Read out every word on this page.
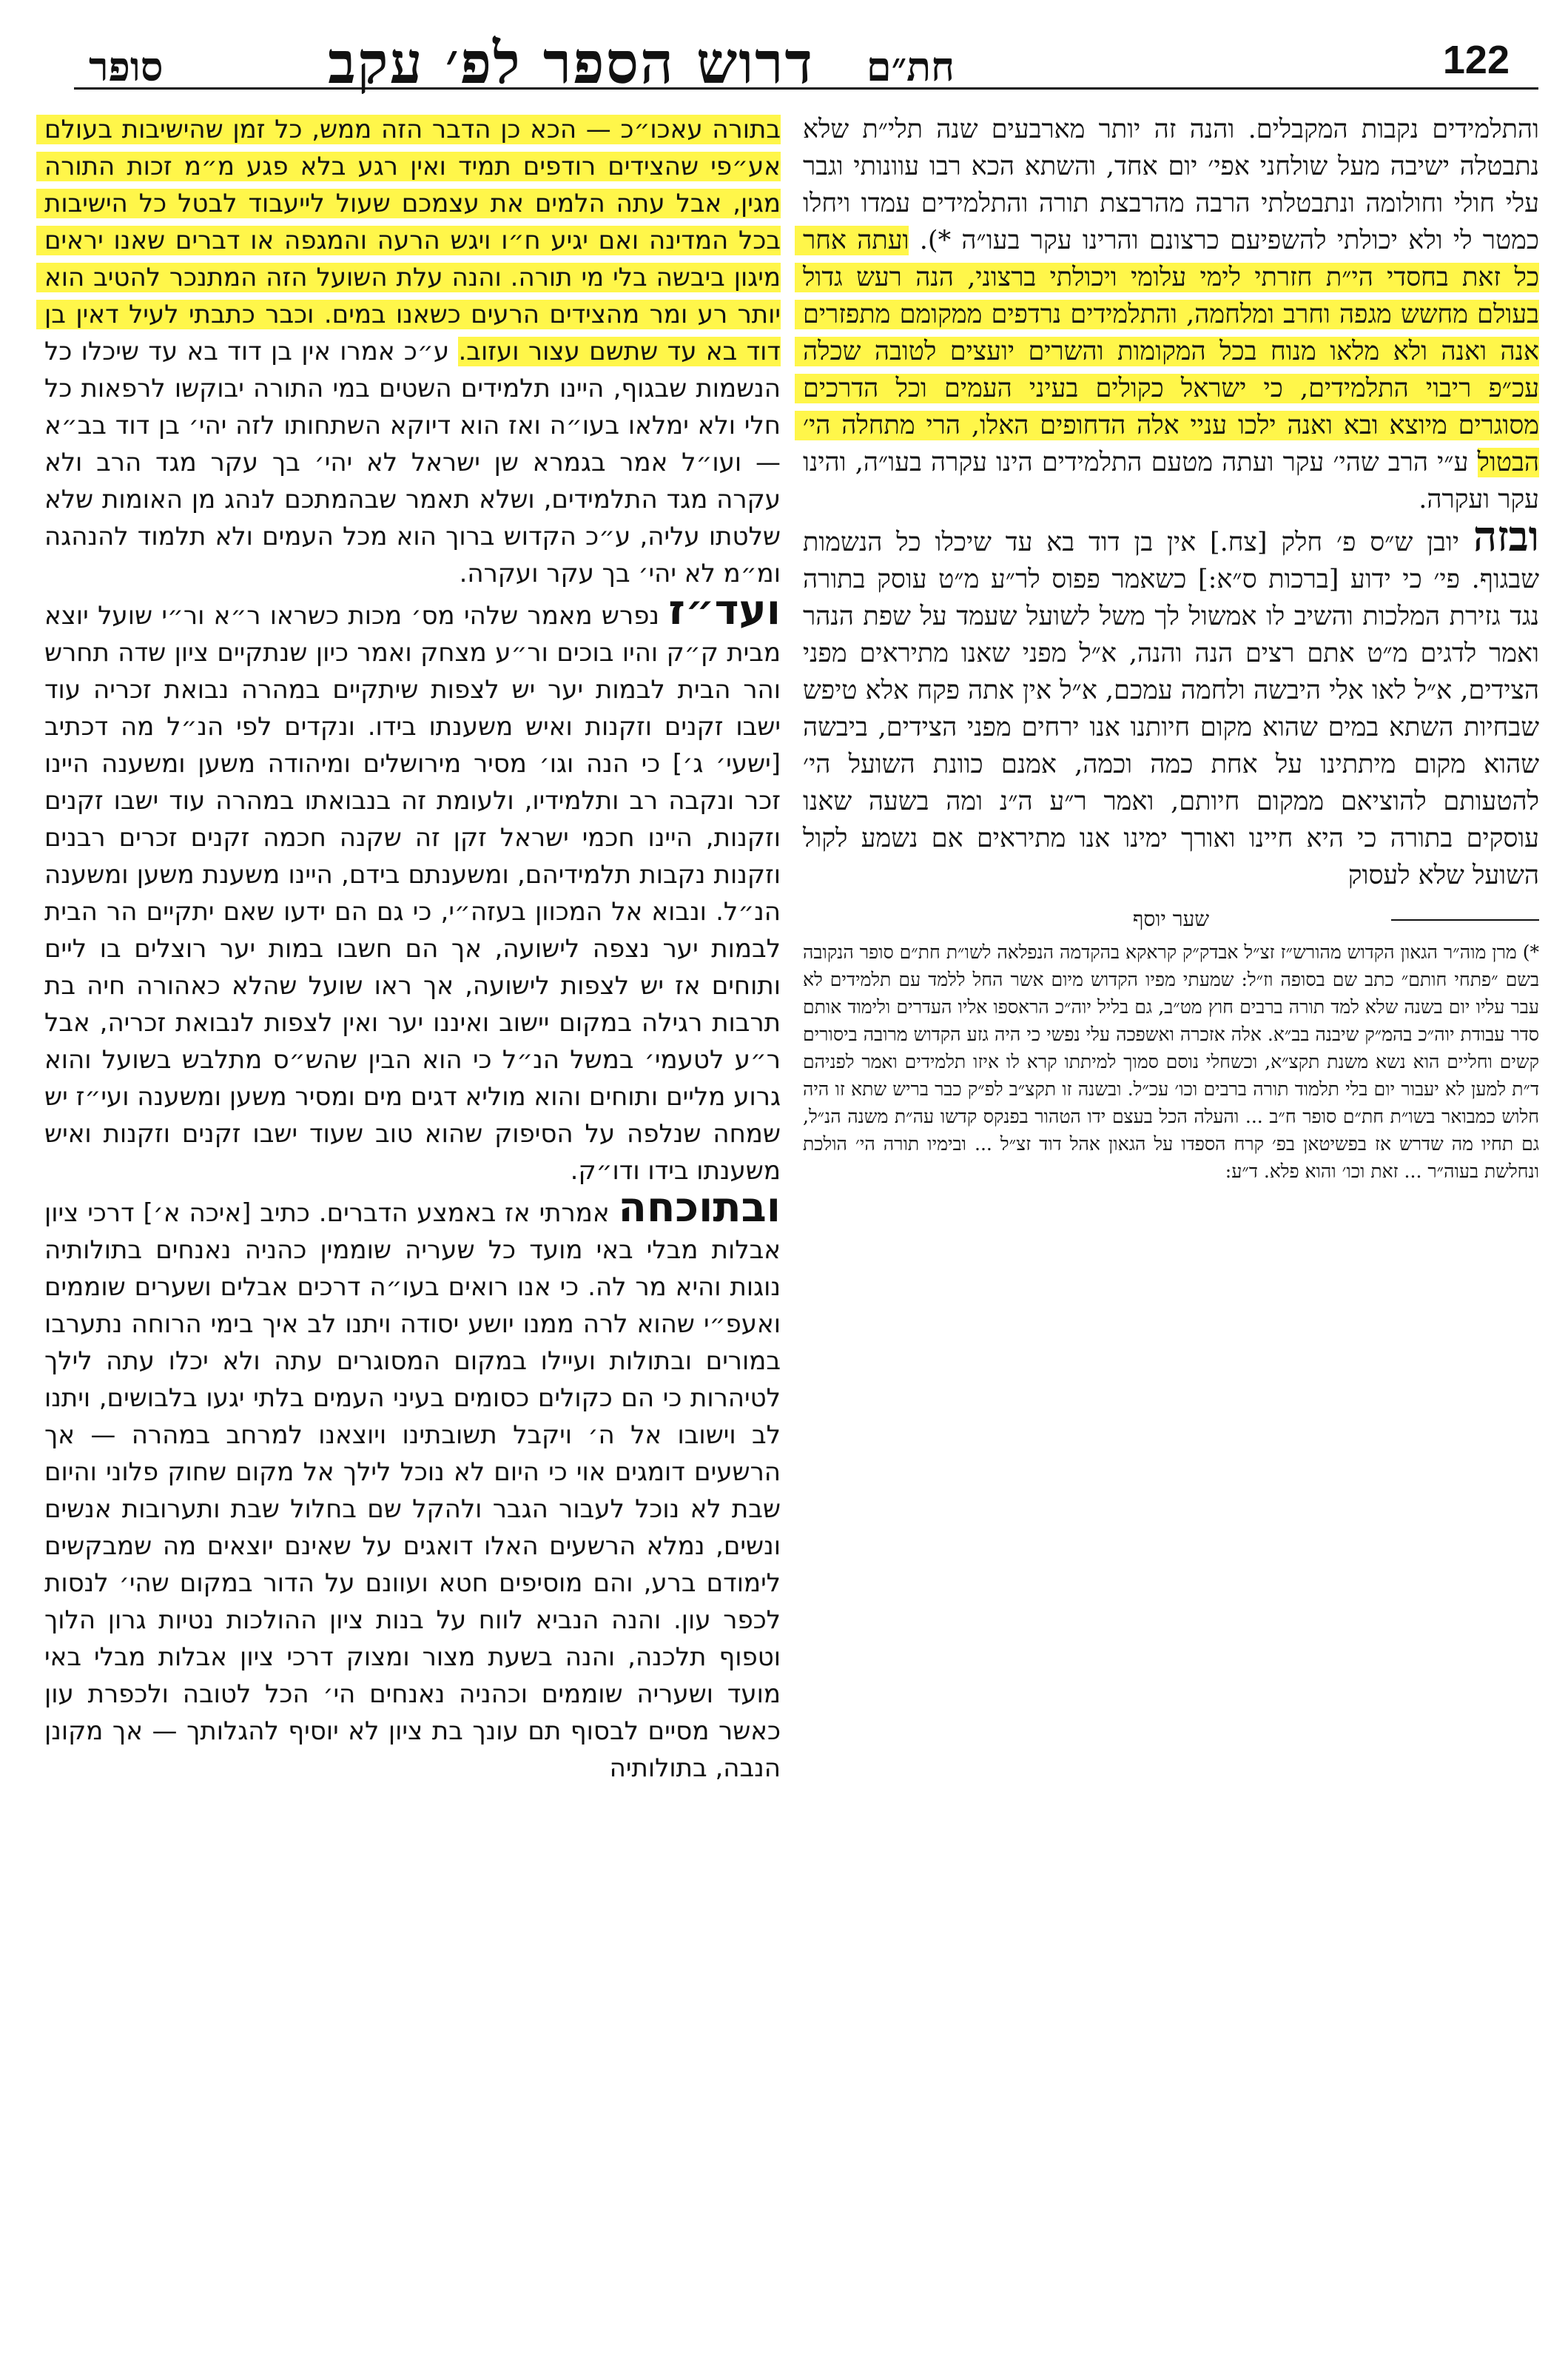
122
חת״ם
דרוש הספר לפ׳ עקב
סופר

והתלמידים נקבות המקבלים. והנה זה יותר מארבעים שנה תלי״ת שלא נתבטלה ישיבה מעל שולחני אפי׳ יום אחד, והשתא הכא רבו עוונותי וגבר עלי חולי וחולומה ונתבטלתי הרבה מהרבצת תורה והתלמידים עמדו ויחלו כמטר לי ולא יכולתי להשפיעם כרצונם והרינו עקר בעו״ה *). ועתה אחר כל זאת בחסדי הי״ת חזרתי לימי עלומי ויכולתי ברצוני, הנה רעש גדול בעולם מחשש מגפה וחרב ומלחמה, והתלמידים נרדפים ממקומם מתפזרים אנה ואנה ולא מלאו מנוח בכל המקומות והשרים יועצים לטובה שכלה עכ״פ ריבוי התלמידים, כי ישראל כקולים בעיני העמים וכל הדרכים מסוגרים מיוצא ובא ואנה ילכו עניי אלה הדחופים האלו, הרי מתחלה הי׳ הבטול ע״י הרב שהי׳ עקר ועתה מטעם התלמידים הינו עקרה בעו״ה, והינו עקר ועקרה.

ובזה יובן ש״ס פ׳ חלק [צח.] אין בן דוד בא עד שיכלו כל הנשמות שבגוף. פי׳ כי ידוע [ברכות ס״א:] כשאמר פפוס לר״ע מ״ט עוסק בתורה נגד גזירת המלכות והשיב לו אמשול לך משל לשועל שעמד על שפת הנהר ואמר לדגים מ״ט אתם רצים הנה והנה, א״ל מפני שאנו מתיראים מפני הצידים, א״ל לאו אלי היבשה ולחמה עמכם, א״ל אין אתה פקח אלא טיפש שבחיות השתא במים שהוא מקום חיותנו אנו ירחים מפני הצידים, ביבשה שהוא מקום מיתתינו על אחת כמה וכמה, אמנם כוונת השועל הי׳ להטעותם להוציאם ממקום חיותם, ואמר ר״ע ה״נ ומה בשעה שאנו עוסקים בתורה כי היא חיינו ואורך ימינו אנו מתיראים אם נשמע לקול השועל שלא לעסוק

שער יוסף

*) מרן מוה״ר הגאון הקדוש מהורש״ז זצ״ל אבדק״ק קראקא בהקדמה הנפלאה לשו״ת חת״ם סופר הנקובה בשם ״פתחי חותם״ כתב שם בסופה וז״ל: שמעתי מפיו הקדוש מיום אשר החל ללמד עם תלמידים לא עבר עליו יום בשנה שלא למד תורה ברבים חוץ מט״ב, גם בליל יוה״כ הראספו אליו העדרים ולימוד אותם סדר עבודת יוה״כ בהמ״ק שיבנה בב״א. אלה אזכרה ואשפכה עלי נפשי כי היה גזע הקדוש מרובה ביסורים קשים וחליים הוא נשא משנת תקצ״א, וכשחלי נוסם סמוך למיתתו קרא לו איזו תלמידים ואמר לפניהם ד״ת למען לא יעבור יום בלי תלמוד תורה ברבים וכו׳ עכ״ל. ובשנה זו תקצ״ב לפ״ק כבר בריש שתא זו היה חלוש כמבואר בשו״ת חת״ם סופר ח״ב ... והעלה הכל בעצם ידו הטהור בפנקס קדשו עה״ת משנה הנ״ל, גם תחיו מה שדרש אז בפשיטאן בפ׳ קרח הספדו על הגאון אהל דוד זצ״ל ... ובימיו תורה הי׳ הולכת ונחלשת בעוה״ר ... זאת וכו׳ והוא פלא. ד״ע:

בתורה עאכו״כ — הכא כן הדבר הזה ממש, כל זמן שהישיבות בעולם אע״פי שהצידים רודפים תמיד ואין רגע בלא פגע מ״מ זכות התורה מגין, אבל עתה הלמים את עצמכם שעול לייעבוד לבטל כל הישיבות בכל המדינה ואם יגיע ח״ו ויגש הרעה והמגפה או דברים שאנו יראים מיגון ביבשה בלי מי תורה. והנה עלת השועל הזה המתנכר להטיב הוא יותר רע ומר מהצידים הרעים כשאנו במים. וכבר כתבתי לעיל דאין בן דוד בא עד שתשם עצור ועזוב. ע״כ אמרו אין בן דוד בא עד שיכלו כל הנשמות שבגוף, היינו תלמידים השטים במי התורה יבוקשו לרפאות כל חלי ולא ימלאו בעו״ה ואז הוא דיוקא השתחותו לזה יהי׳ בן דוד בב״א — ועו״ל אמר בגמרא שן ישראל לא יהי׳ בך עקר מגד הרב ולא עקרה מגד התלמידים, ושלא תאמר שבהמתכם לנהג מן האומות שלא שלטתו עליה, ע״כ הקדוש ברוך הוא מכל העמים ולא תלמוד להנהגה ומ״מ לא יהי׳ בך עקר ועקרה.

ועד״ז נפרש מאמר שלהי מס׳ מכות כשראו ר״א ור״י שועל יוצא מבית ק״ק והיו בוכים ור״ע מצחק ואמר כיון שנתקיים ציון שדה תחרש והר הבית לבמות יער יש לצפות שיתקיים במהרה נבואת זכריה עוד ישבו זקנים וזקנות ואיש משענתו בידו. ונקדים לפי הנ״ל מה דכתיב [ישעי׳ ג׳] כי הנה וגו׳ מסיר מירושלים ומיהודה משען ומשענה היינו זכר ונקבה רב ותלמידיו, ולעומת זה בנבואתו במהרה עוד ישבו זקנים וזקנות, היינו חכמי ישראל זקן זה שקנה חכמה זקנים זכרים רבנים וזקנות נקבות תלמידיהם, ומשענתם בידם, היינו משענת משען ומשענה הנ״ל. ונבוא אל המכוון בעזה״י, כי גם הם ידעו שאם יתקיים הר הבית לבמות יער נצפה לישועה, אך הם חשבו במות יער רוצלים בו ליים ותוחים אז יש לצפות לישועה, אך ראו שועל שהלא כאהורה חיה בת תרבות רגילה במקום יישוב ואיננו יער ואין לצפות לנבואת זכריה, אבל ר״ע לטעמי׳ במשל הנ״ל כי הוא הבין שהש״ס מתלבש בשועל והוא גרוע מליים ותוחים והוא מוליא דגים מים ומסיר משען ומשענה ועי״ז יש שמחה שנלפה על הסיפוק שהוא טוב שעוד ישבו זקנים וזקנות ואיש משענתו בידו ודו״ק.

ובתוכחה אמרתי אז באמצע הדברים. כתיב [איכה א׳] דרכי ציון אבלות מבלי באי מועד כל שעריה שוממין כהניה נאנחים בתולותיה נוגות והיא מר לה. כי אנו רואים בעו״ה דרכים אבלים ושערים שוממים ואעפ״י שהוא לרה ממנו יושע יסודה ויתנו לב איך בימי הרוחה נתערבו במורים ובתולות ועיילו במקום המסוגרים עתה ולא יכלו עתה לילך לטיהרות כי הם כקולים כסומים בעיני העמים בלתי יגעו בלבושים, ויתנו לב וישובו אל ה׳ ויקבל תשובתינו ויוצאנו למרחב במהרה — אך הרשעים דומגים אוי כי היום לא נוכל לילך אל מקום שחוק פלוני והיום שבת לא נוכל לעבור הגבר ולהקל שם בחלול שבת ותערובות אנשים ונשים, נמלא הרשעים האלו דואגים על שאינם יוצאים מה שמבקשים לימודם ברע, והם מוסיפים חטא ועוונם על הדור במקום שהי׳ לנסות לכפר עון. והנה הנביא לווח על בנות ציון ההולכות נטיות גרון הלוך וטפוף תלכנה, והנה בשעת מצור ומצוק דרכי ציון אבלות מבלי באי מועד ושעריה שוממים וכהניה נאנחים הי׳ הכל לטובה ולכפרת עון כאשר מסיים לבסוף תם עונך בת ציון לא יוסיף להגלותך — אך מקונן הנבה, בתולותיה
